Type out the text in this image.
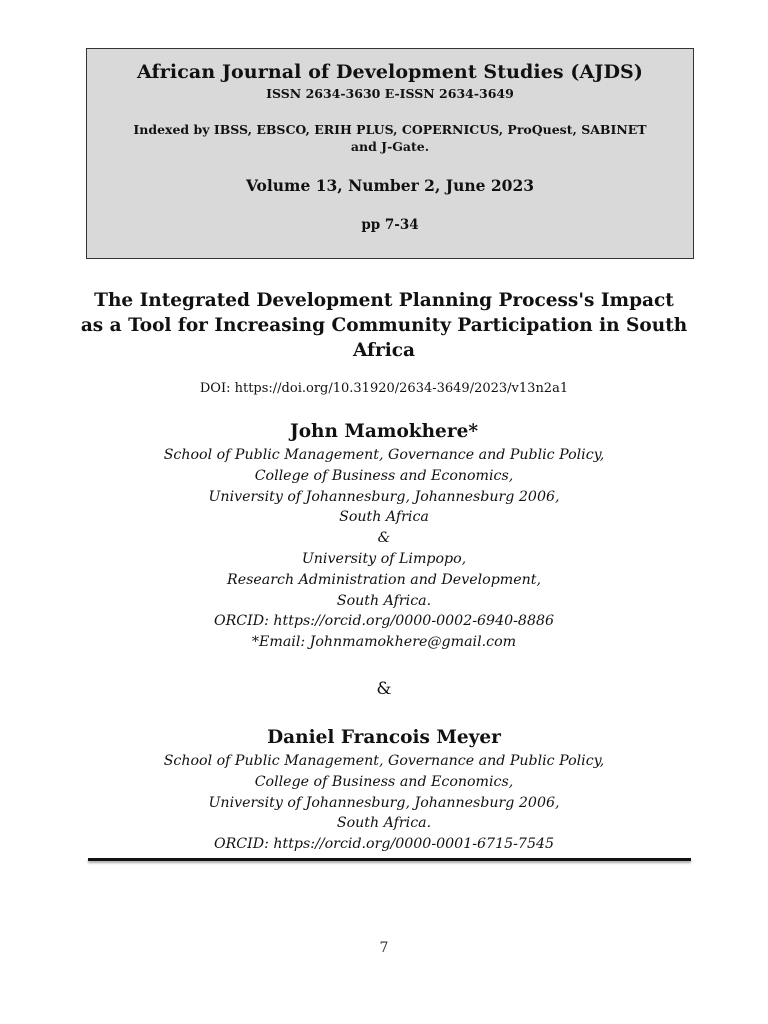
African Journal of Development Studies (AJDS)
ISSN 2634-3630 E-ISSN 2634-3649
Indexed by IBSS, EBSCO, ERIH PLUS, COPERNICUS, ProQuest, SABINET and J-Gate.
Volume 13, Number 2, June 2023
pp 7-34
The Integrated Development Planning Process's Impact as a Tool for Increasing Community Participation in South Africa
DOI: https://doi.org/10.31920/2634-3649/2023/v13n2a1
John Mamokhere*
School of Public Management, Governance and Public Policy,
College of Business and Economics,
University of Johannesburg, Johannesburg 2006,
South Africa
&
University of Limpopo,
Research Administration and Development,
South Africa.
ORCID: https://orcid.org/0000-0002-6940-8886
*Email: Johnmamokhere@gmail.com
&
Daniel Francois Meyer
School of Public Management, Governance and Public Policy,
College of Business and Economics,
University of Johannesburg, Johannesburg 2006,
South Africa.
ORCID: https://orcid.org/0000-0001-6715-7545
7
